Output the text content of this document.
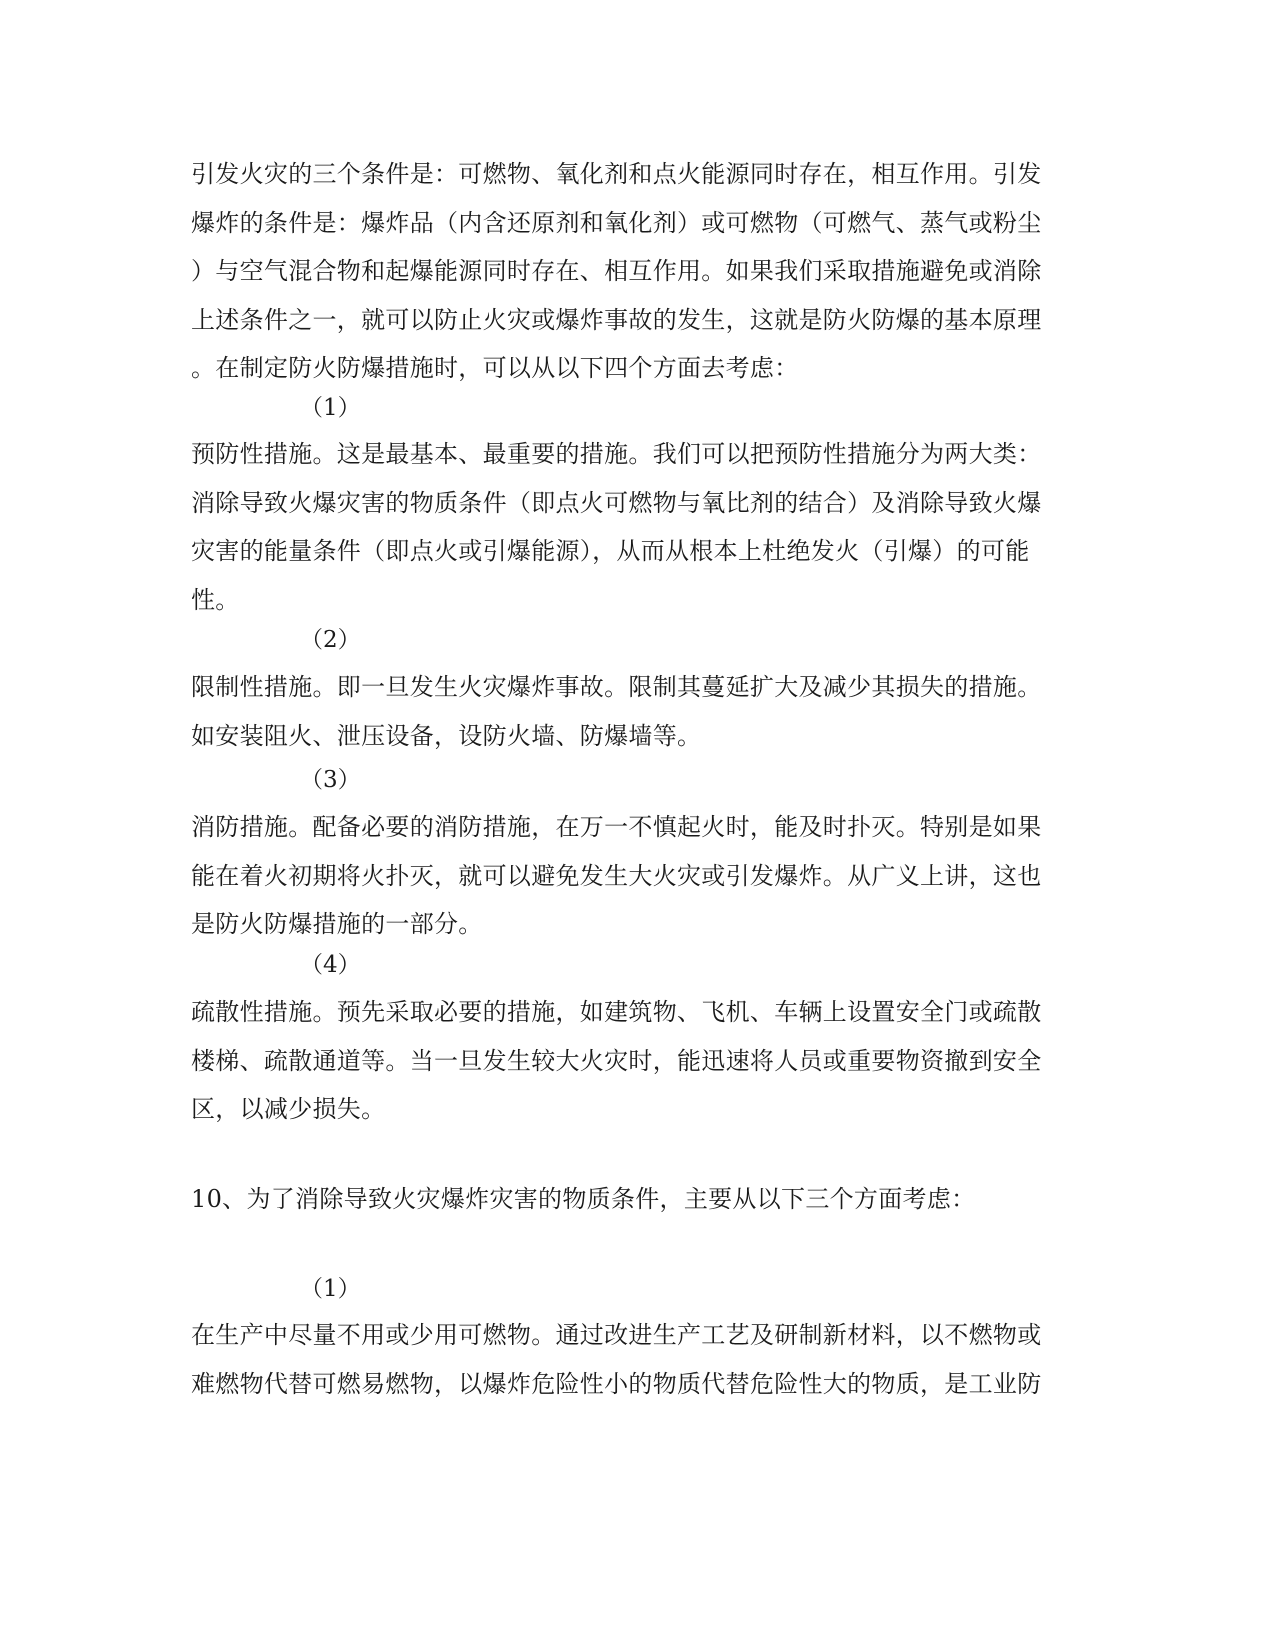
引发火灾的三个条件是：可燃物、氧化剂和点火能源同时存在，相互作用。引发
爆炸的条件是：爆炸品（内含还原剂和氧化剂）或可燃物（可燃气、蒸气或粉尘
）与空气混合物和起爆能源同时存在、相互作用。如果我们采取措施避免或消除
上述条件之一，就可以防止火灾或爆炸事故的发生，这就是防火防爆的基本原理
。在制定防火防爆措施时，可以从以下四个方面去考虑：
（1）
预防性措施。这是最基本、最重要的措施。我们可以把预防性措施分为两大类：
消除导致火爆灾害的物质条件（即点火可燃物与氧比剂的结合）及消除导致火爆
灾害的能量条件（即点火或引爆能源），从而从根本上杜绝发火（引爆）的可能
性。
（2）
限制性措施。即一旦发生火灾爆炸事故。限制其蔓延扩大及减少其损失的措施。
如安装阻火、泄压设备，设防火墙、防爆墙等。
（3）
消防措施。配备必要的消防措施，在万一不慎起火时，能及时扑灭。特别是如果
能在着火初期将火扑灭，就可以避免发生大火灾或引发爆炸。从广义上讲，这也
是防火防爆措施的一部分。
（4）
疏散性措施。预先采取必要的措施，如建筑物、飞机、车辆上设置安全门或疏散
楼梯、疏散通道等。当一旦发生较大火灾时，能迅速将人员或重要物资撤到安全
区，以减少损失。
10、为了消除导致火灾爆炸灾害的物质条件，主要从以下三个方面考虑：
（1）
在生产中尽量不用或少用可燃物。通过改进生产工艺及研制新材料，以不燃物或
难燃物代替可燃易燃物，以爆炸危险性小的物质代替危险性大的物质，是工业防
